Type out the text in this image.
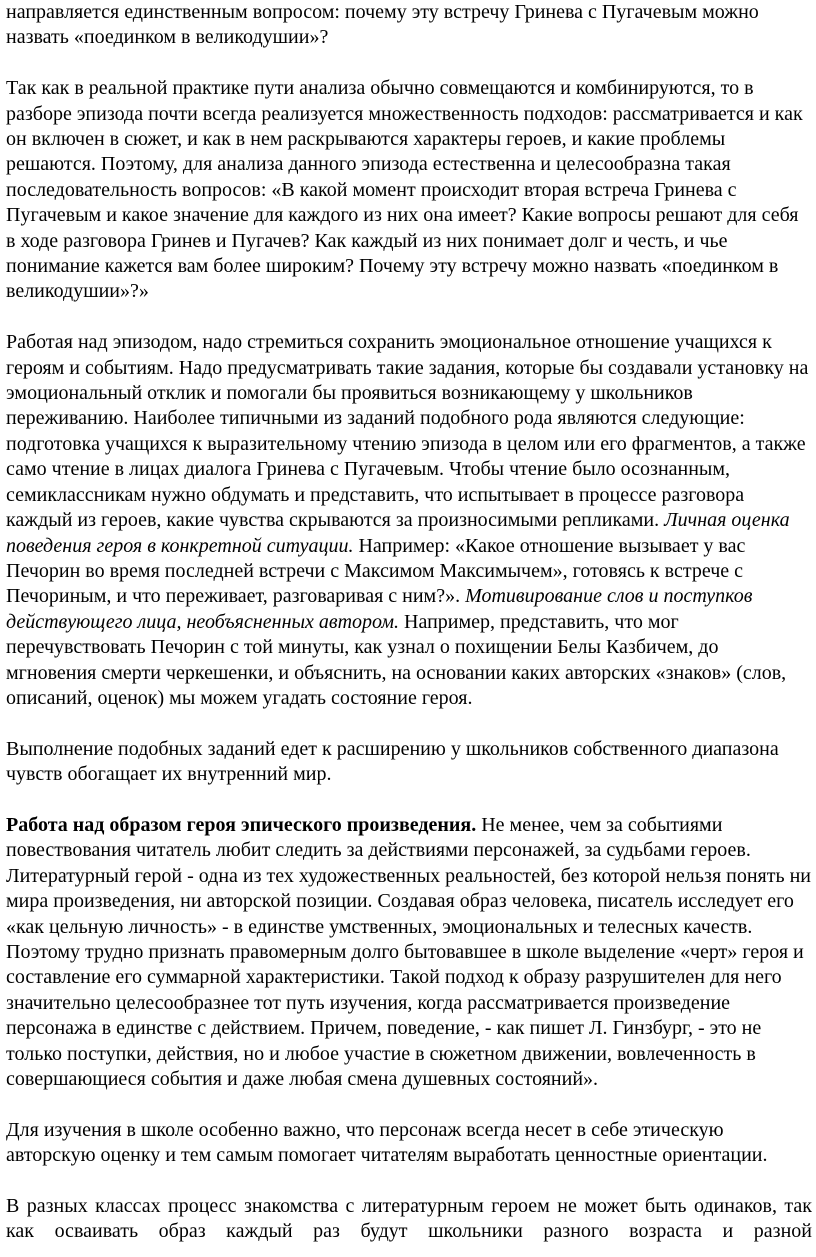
направляется единственным вопросом: почему эту встречу Гринева с Пугачевым можно назвать «поединком в великодушии»?

Так как в реальной практике пути анализа обычно совмещаются и комбинируются, то в разборе эпизода почти всегда реализуется множественность подходов: рассматривается и как он включен в сюжет, и как в нем раскрываются характеры героев, и какие проблемы решаются. Поэтому, для анализа данного эпизода естественна и целесообразна такая последовательность вопросов: «В какой момент происходит вторая встреча Гринева с Пугачевым и какое значение для каждого из них она имеет? Какие вопросы решают для себя в ходе разговора Гринев и Пугачев? Как каждый из них понимает долг и честь, и чье понимание кажется вам более широким? Почему эту встречу можно назвать «поединком в великодушии»?»

Работая над эпизодом, надо стремиться сохранить эмоциональное отношение учащихся к героям и событиям. Надо предусматривать такие задания, которые бы создавали установку на эмоциональный отклик и помогали бы проявиться возникающему у школьников переживанию. Наиболее типичными из заданий подобного рода являются следующие: подготовка учащихся к выразительному чтению эпизода в целом или его фрагментов, а также само чтение в лицах диалога Гринева с Пугачевым. Чтобы чтение было осознанным, семиклассникам нужно обдумать и представить, что испытывает в процессе разговора каждый из героев, какие чувства скрываются за произносимыми репликами. Личная оценка поведения героя в конкретной ситуации. Например: «Какое отношение вызывает у вас Печорин во время последней встречи с Максимом Максимычем», готовясь к встрече с Печориным, и что переживает, разговаривая с ним?». Мотивирование слов и поступков действующего лица, необъясненных автором. Например, представить, что мог перечувствовать Печорин с той минуты, как узнал о похищении Белы Казбичем, до мгновения смерти черкешенки, и объяснить, на основании каких авторских «знаков» (слов, описаний, оценок) мы можем угадать состояние героя.

Выполнение подобных заданий едет к расширению у школьников собственного диапазона чувств обогащает их внутренний мир.

Работа над образом героя эпического произведения. Не менее, чем за событиями повествования читатель любит следить за действиями персонажей, за судьбами героев. Литературный герой - одна из тех художественных реальностей, без которой нельзя понять ни мира произведения, ни авторской позиции. Создавая образ человека, писатель исследует его «как цельную личность» - в единстве умственных, эмоциональных и телесных качеств. Поэтому трудно признать правомерным долго бытовавшее в школе выделение «черт» героя и составление его суммарной характеристики. Такой подход к образу разрушителен для него значительно целесообразнее тот путь изучения, когда рассматривается произведение персонажа в единстве с действием. Причем, поведение, - как пишет Л. Гинзбург, - это не только поступки, действия, но и любое участие в сюжетном движении, вовлеченность в совершающиеся события и даже любая смена душевных состояний».

Для изучения в школе особенно важно, что персонаж всегда несет в себе этическую авторскую оценку и тем самым помогает читателям выработать ценностные ориентации.

В разных классах процесс знакомства с литературным героем не может быть одинаков, так как осваивать образ каждый раз будут школьники разного возраста и разной
